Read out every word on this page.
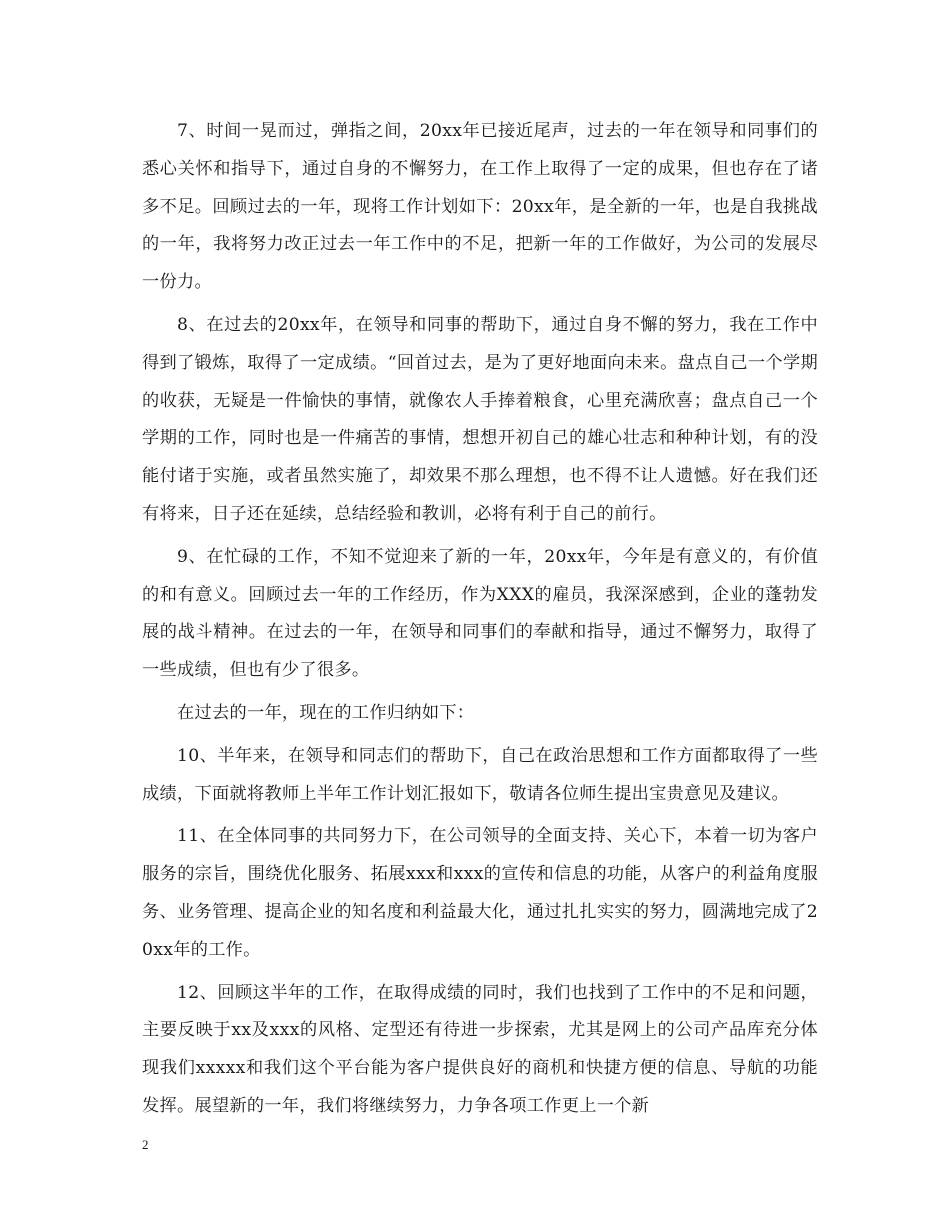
7、时间一晃而过，弹指之间，20xx年已接近尾声，过去的一年在领导和同事们的悉心关怀和指导下，通过自身的不懈努力，在工作上取得了一定的成果，但也存在了诸多不足。回顾过去的一年，现将工作计划如下：20xx年，是全新的一年，也是自我挑战的一年，我将努力改正过去一年工作中的不足，把新一年的工作做好，为公司的发展尽一份力。

8、在过去的20xx年，在领导和同事的帮助下，通过自身不懈的努力，我在工作中得到了锻炼，取得了一定成绩。“回首过去，是为了更好地面向未来。盘点自己一个学期的收获，无疑是一件愉快的事情，就像农人手捧着粮食，心里充满欣喜；盘点自己一个学期的工作，同时也是一件痛苦的事情，想想开初自己的雄心壮志和种种计划，有的没能付诸于实施，或者虽然实施了，却效果不那么理想，也不得不让人遗憾。好在我们还有将来，日子还在延续，总结经验和教训，必将有利于自己的前行。

9、在忙碌的工作，不知不觉迎来了新的一年，20xx年，今年是有意义的，有价值的和有意义。回顾过去一年的工作经历，作为XXX的雇员，我深深感到，企业的蓬勃发展的战斗精神。在过去的一年，在领导和同事们的奉献和指导，通过不懈努力，取得了一些成绩，但也有少了很多。

在过去的一年，现在的工作归纳如下：

10、半年来，在领导和同志们的帮助下，自己在政治思想和工作方面都取得了一些成绩，下面就将教师上半年工作计划汇报如下，敬请各位师生提出宝贵意见及建议。

11、在全体同事的共同努力下，在公司领导的全面支持、关心下，本着一切为客户服务的宗旨，围绕优化服务、拓展xxx和xxx的宣传和信息的功能，从客户的利益角度服务、业务管理、提高企业的知名度和利益最大化，通过扎扎实实的努力，圆满地完成了20xx年的工作。

12、回顾这半年的工作，在取得成绩的同时，我们也找到了工作中的不足和问题，主要反映于xx及xxx的风格、定型还有待进一步探索，尤其是网上的公司产品库充分体现我们xxxxx和我们这个平台能为客户提供良好的商机和快捷方便的信息、导航的功能发挥。展望新的一年，我们将继续努力，力争各项工作更上一个新

2
